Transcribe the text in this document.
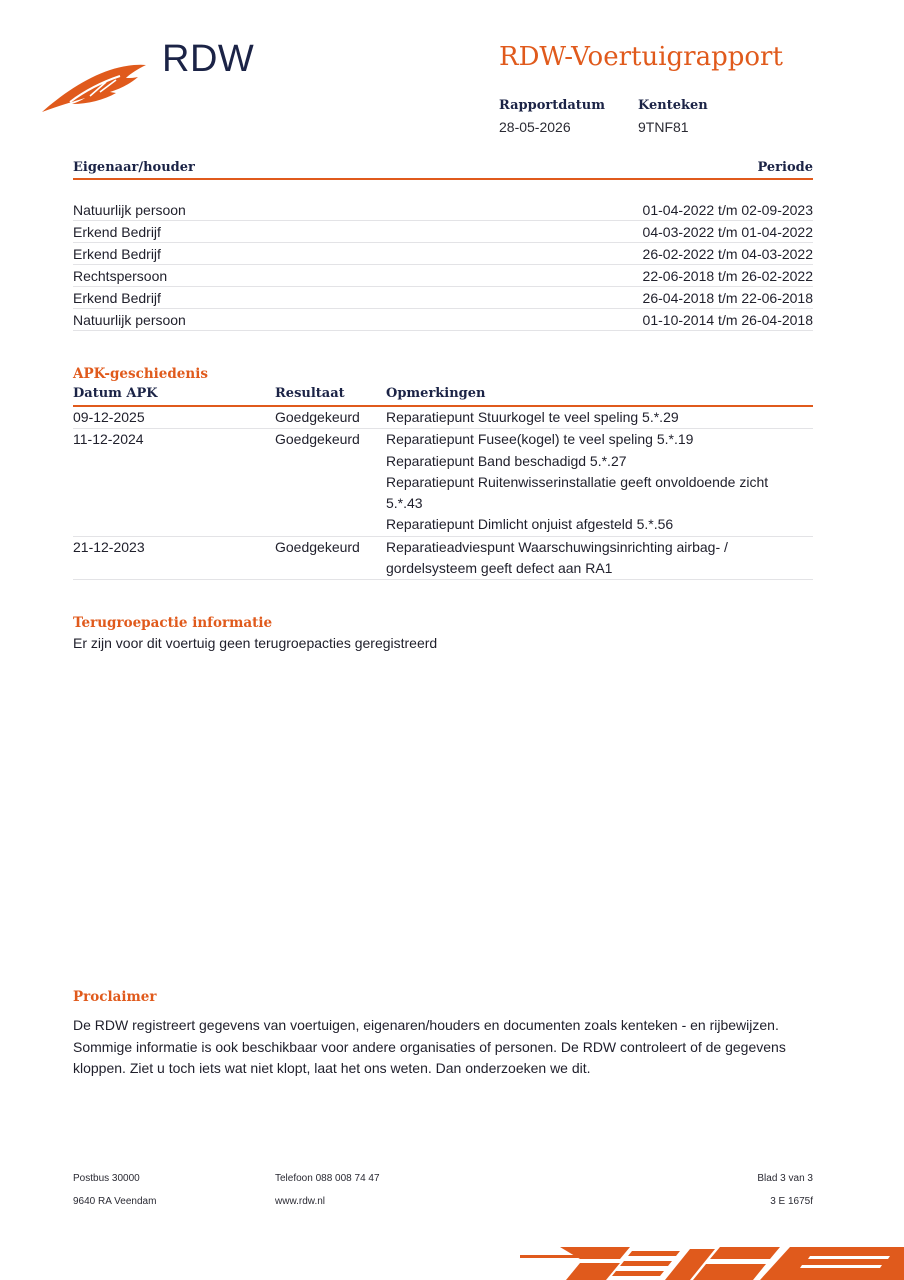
RDW	RDW-Voertuigrapport
Rapportdatum
28-05-2026
Kenteken
9TNF81
Eigenaar/houder	Periode
Natuurlijk persoon	01-04-2022 t/m 02-09-2023
Erkend Bedrijf	04-03-2022 t/m 01-04-2022
Erkend Bedrijf	26-02-2022 t/m 04-03-2022
Rechtspersoon	22-06-2018 t/m 26-02-2022
Erkend Bedrijf	26-04-2018 t/m 22-06-2018
Natuurlijk persoon	01-10-2014 t/m 26-04-2018
APK-geschiedenis
Datum APK	Resultaat	Opmerkingen
09-12-2025	Goedgekeurd Reparatiepunt Stuurkogel te veel speling 5.*.29
11-12-2024	Goedgekeurd Reparatiepunt Fusee(kogel) te veel speling 5.*.19
Reparatiepunt Band beschadigd 5.*.27
Reparatiepunt Ruitenwisserinstallatie geeft onvoldoende zicht 5.*.43
Reparatiepunt Dimlicht onjuist afgesteld 5.*.56
21-12-2023	Goedgekeurd Reparatieadviespunt Waarschuwingsinrichting airbag- / gordelsysteem geeft defect aan RA1
Terugroepactie informatie
Er zijn voor dit voertuig geen terugroepacties geregistreerd
Proclaimer
De RDW registreert gegevens van voertuigen, eigenaren/houders en documenten zoals kenteken - en rijbewijzen. Sommige informatie is ook beschikbaar voor andere organisaties of personen. De RDW controleert of de gegevens kloppen. Ziet u toch iets wat niet klopt, laat het ons weten. Dan onderzoeken we dit.
Postbus 30000
9640 RA Veendam
Telefoon 088 008 74 47
www.rdw.nl
Blad 3 van 3
3 E 1675f
